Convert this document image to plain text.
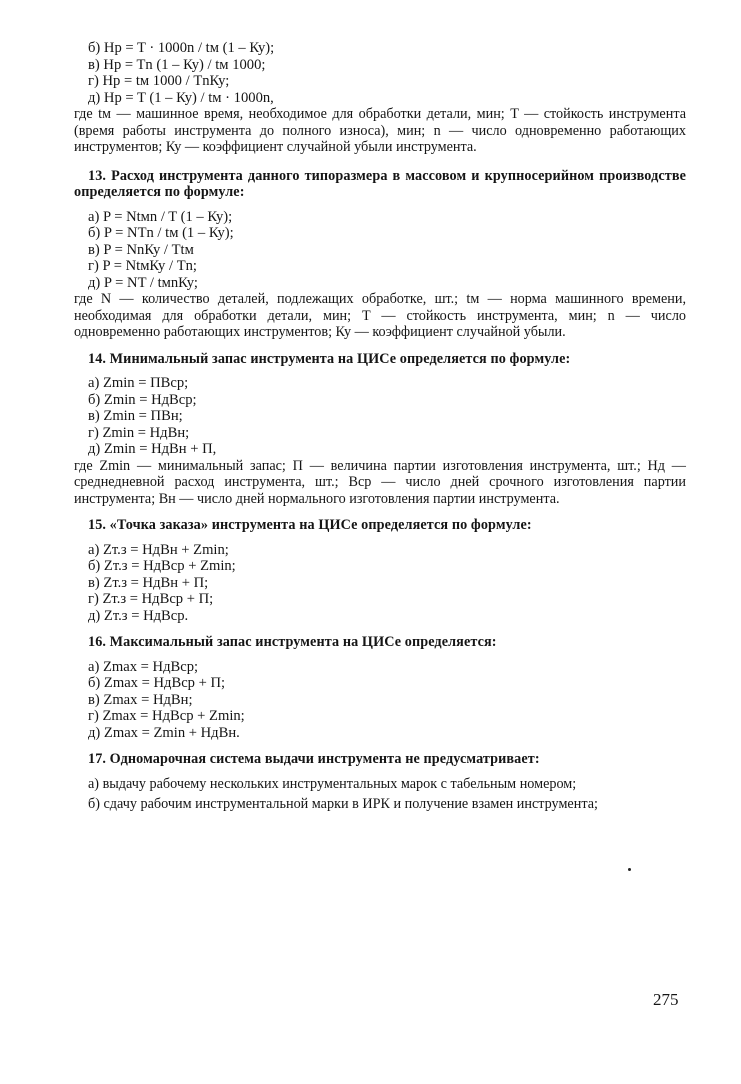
б) Hp = T · 1000n / tм (1 – Ку);
в) Hp = Tn (1 – Ку) / tм 1000;
г) Hp = tм 1000 / TnКу;
д) Hp = T (1 – Ку) / tм · 1000n,
где tм — машинное время, необходимое для обработки детали, мин; T — стойкость инструмента (время работы инструмента до полного износа), мин; n — число одновременно работающих инструментов; Ку — коэффициент случайной убыли инструмента.
13. Расход инструмента данного типоразмера в массовом и крупносерийном производстве определяется по формуле:
а) P = Ntмn / T (1 – Ку);
б) P = NTn / tм (1 – Ку);
в) P = NnКу / Ttм
г) P = NtмКу / Tn;
д) P = NT / tмnКу;
где N — количество деталей, подлежащих обработке, шт.; tм — норма машинного времени, необходимая для обработки детали, мин; T — стойкость инструмента, мин; n — число одновременно работающих инструментов; Ку — коэффициент случайной убыли.
14. Минимальный запас инструмента на ЦИСе определяется по формуле:
а) Zmin = ПBср;
б) Zmin = HдBср;
в) Zmin = ПBн;
г) Zmin = HдBн;
д) Zmin = HдBн + П,
где Zmin — минимальный запас; П — величина партии изготовления инструмента, шт.; Hд — среднедневной расход инструмента, шт.; Bср — число дней срочного изготовления партии инструмента; Bн — число дней нормального изготовления партии инструмента.
15. «Точка заказа» инструмента на ЦИСе определяется по формуле:
а) Zт.з = HдBн + Zmin;
б) Zт.з = HдBср + Zmin;
в) Zт.з = HдBн + П;
г) Zт.з = HдBср + П;
д) Zт.з = HдBср.
16. Максимальный запас инструмента на ЦИСе определяется:
а) Zmax = HдBср;
б) Zmax = HдBср + П;
в) Zmax = HдBн;
г) Zmax = HдBср + Zmin;
д) Zmax = Zmin + HдBн.
17. Одномарочная система выдачи инструмента не предусматривает:
а) выдачу рабочему нескольких инструментальных марок с табельным номером;
б) сдачу рабочим инструментальной марки в ИРК и получение взамен инструмента;
275
